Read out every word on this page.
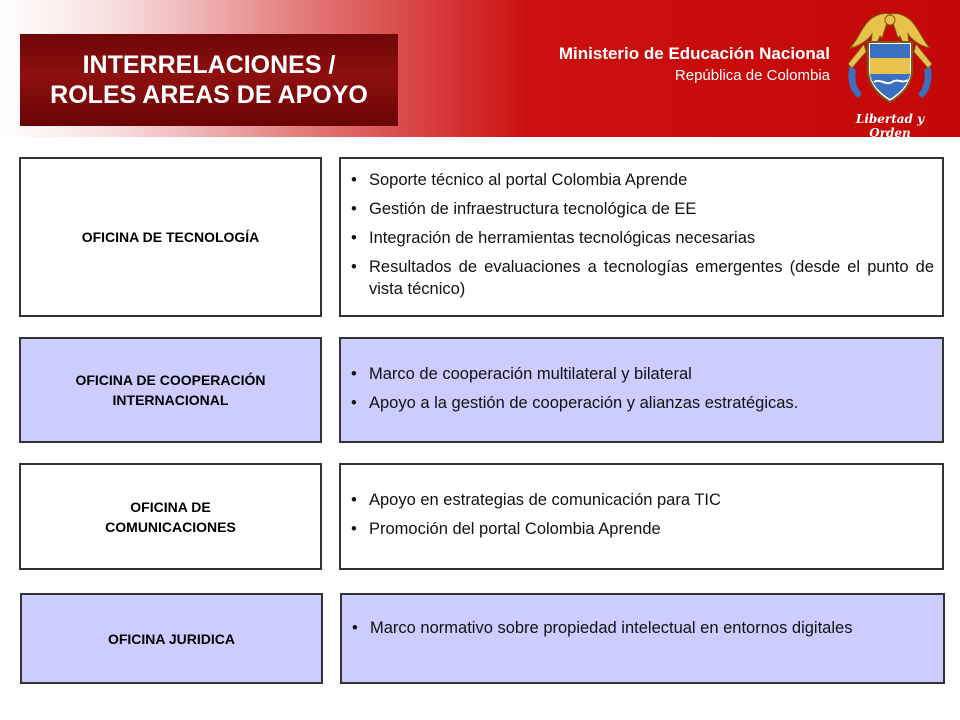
INTERRELACIONES /
ROLES AREAS DE APOYO
Ministerio de Educación Nacional
República de Colombia
Libertad y Orden
OFICINA DE TECNOLOGÍA
• Soporte técnico al portal Colombia Aprende
• Gestión de infraestructura tecnológica de EE
• Integración de herramientas tecnológicas necesarias
• Resultados de evaluaciones a tecnologías emergentes (desde el punto de vista técnico)
OFICINA DE COOPERACIÓN
INTERNACIONAL
• Marco de cooperación multilateral y bilateral
• Apoyo a la gestión de cooperación y alianzas estratégicas.
OFICINA DE
COMUNICACIONES
• Apoyo en estrategias de comunicación para TIC
• Promoción del portal Colombia Aprende
OFICINA JURIDICA
• Marco normativo sobre propiedad intelectual en entornos digitales
